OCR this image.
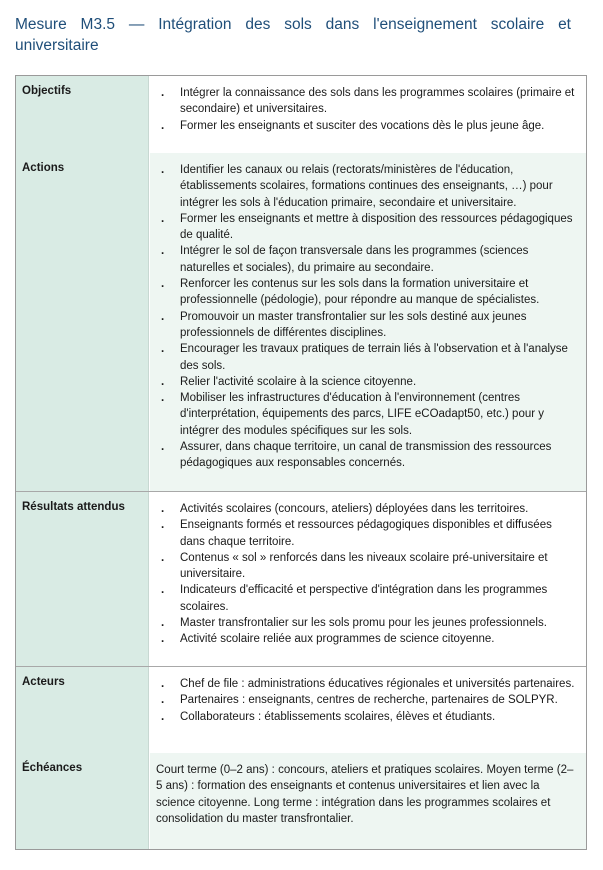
Mesure M3.5 — Intégration des sols dans l'enseignement scolaire et universitaire
Objectifs	. Intégrer la connaissance des sols dans les programmes scolaires (primaire et secondaire) et universitaires.
. Former les enseignants et susciter des vocations dès le plus jeune âge.
Actions	. Identifier les canaux ou relais (rectorats/ministères de l'éducation, établissements scolaires, formations continues des enseignants, …) pour intégrer les sols à l'éducation primaire, secondaire et universitaire.
. Former les enseignants et mettre à disposition des ressources pédagogiques de qualité.
. Intégrer le sol de façon transversale dans les programmes (sciences naturelles et sociales), du primaire au secondaire.
. Renforcer les contenus sur les sols dans la formation universitaire et professionnelle (pédologie), pour répondre au manque de spécialistes.
. Promouvoir un master transfrontalier sur les sols destiné aux jeunes professionnels de différentes disciplines.
. Encourager les travaux pratiques de terrain liés à l'observation et à l'analyse des sols.
. Relier l'activité scolaire à la science citoyenne.
. Mobiliser les infrastructures d'éducation à l'environnement (centres d'interprétation, équipements des parcs, LIFE eCOadapt50, etc.) pour y intégrer des modules spécifiques sur les sols.
. Assurer, dans chaque territoire, un canal de transmission des ressources pédagogiques aux responsables concernés.
Résultats attendus	. Activités scolaires (concours, ateliers) déployées dans les territoires.
. Enseignants formés et ressources pédagogiques disponibles et diffusées dans chaque territoire.
. Contenus « sol » renforcés dans les niveaux scolaire pré-universitaire et universitaire.
. Indicateurs d'efficacité et perspective d'intégration dans les programmes scolaires.
. Master transfrontalier sur les sols promu pour les jeunes professionnels.
. Activité scolaire reliée aux programmes de science citoyenne.
Acteurs	. Chef de file : administrations éducatives régionales et universités partenaires.
. Partenaires : enseignants, centres de recherche, partenaires de SOLPYR.
. Collaborateurs : établissements scolaires, élèves et étudiants.
Échéances	Court terme (0–2 ans) : concours, ateliers et pratiques scolaires. Moyen terme (2–5 ans) : formation des enseignants et contenus universitaires et lien avec la science citoyenne. Long terme : intégration dans les programmes scolaires et consolidation du master transfrontalier.
